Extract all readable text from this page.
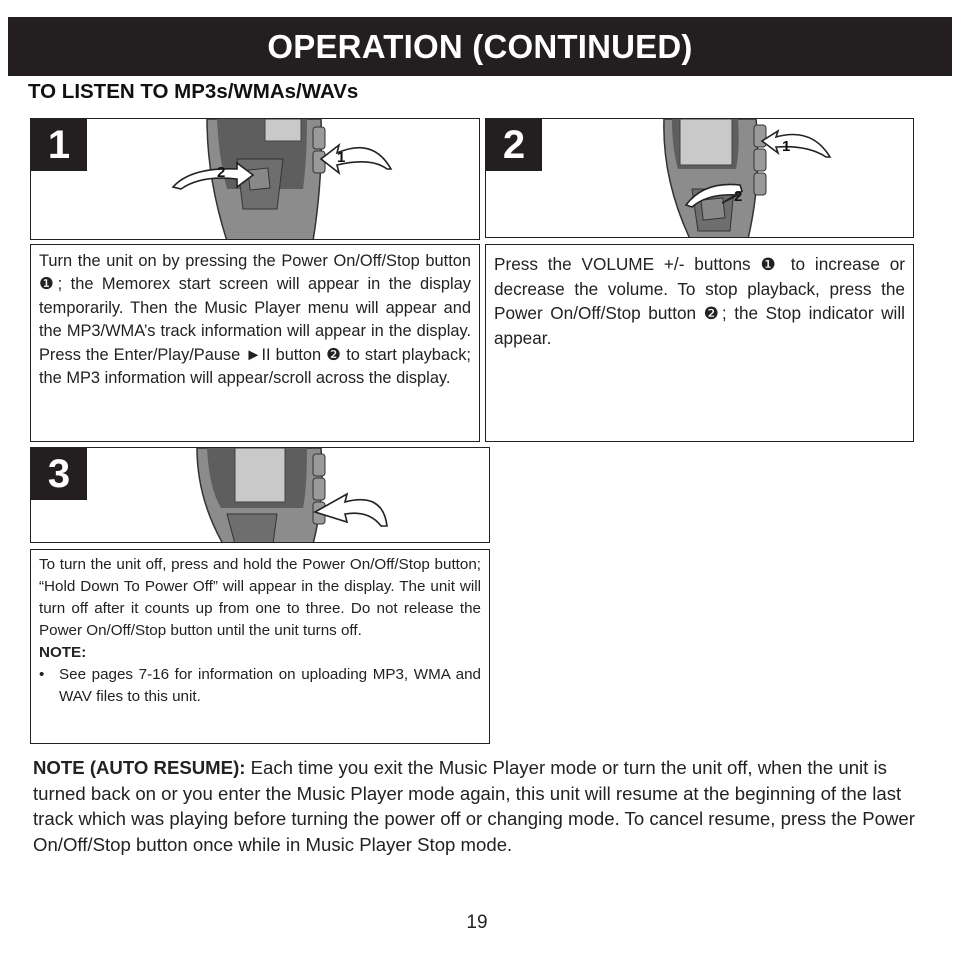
OPERATION (CONTINUED)
TO LISTEN TO MP3s/WMAs/WAVs
1	1
2
2	1
2
Turn the unit on by pressing the Power On/Off/Stop button ❶; the Memorex start screen will appear in the display temporarily. Then the Music Player menu will appear and the MP3/WMA’s track information will appear in the display. Press the Enter/Play/Pause ►II button ❷ to start playback; the MP3 information will appear/scroll across the display.
Press the VOLUME +/- buttons ❶ to increase or decrease the volume. To stop playback, press the Power On/Off/Stop button ❷; the Stop indicator will appear.
3
To turn the unit off, press and hold the Power On/Off/Stop button; “Hold Down To Power Off” will appear in the display. The unit will turn off after it counts up from one to three. Do not release the Power On/Off/Stop button until the unit turns off.
NOTE:
• See pages 7-16 for information on uploading MP3, WMA and WAV files to this unit.
NOTE (AUTO RESUME): Each time you exit the Music Player mode or turn the unit off, when the unit is turned back on or you enter the Music Player mode again, this unit will resume at the beginning of the last track which was playing before turning the power off or changing mode. To cancel resume, press the Power On/Off/Stop button once while in Music Player Stop mode.
19
